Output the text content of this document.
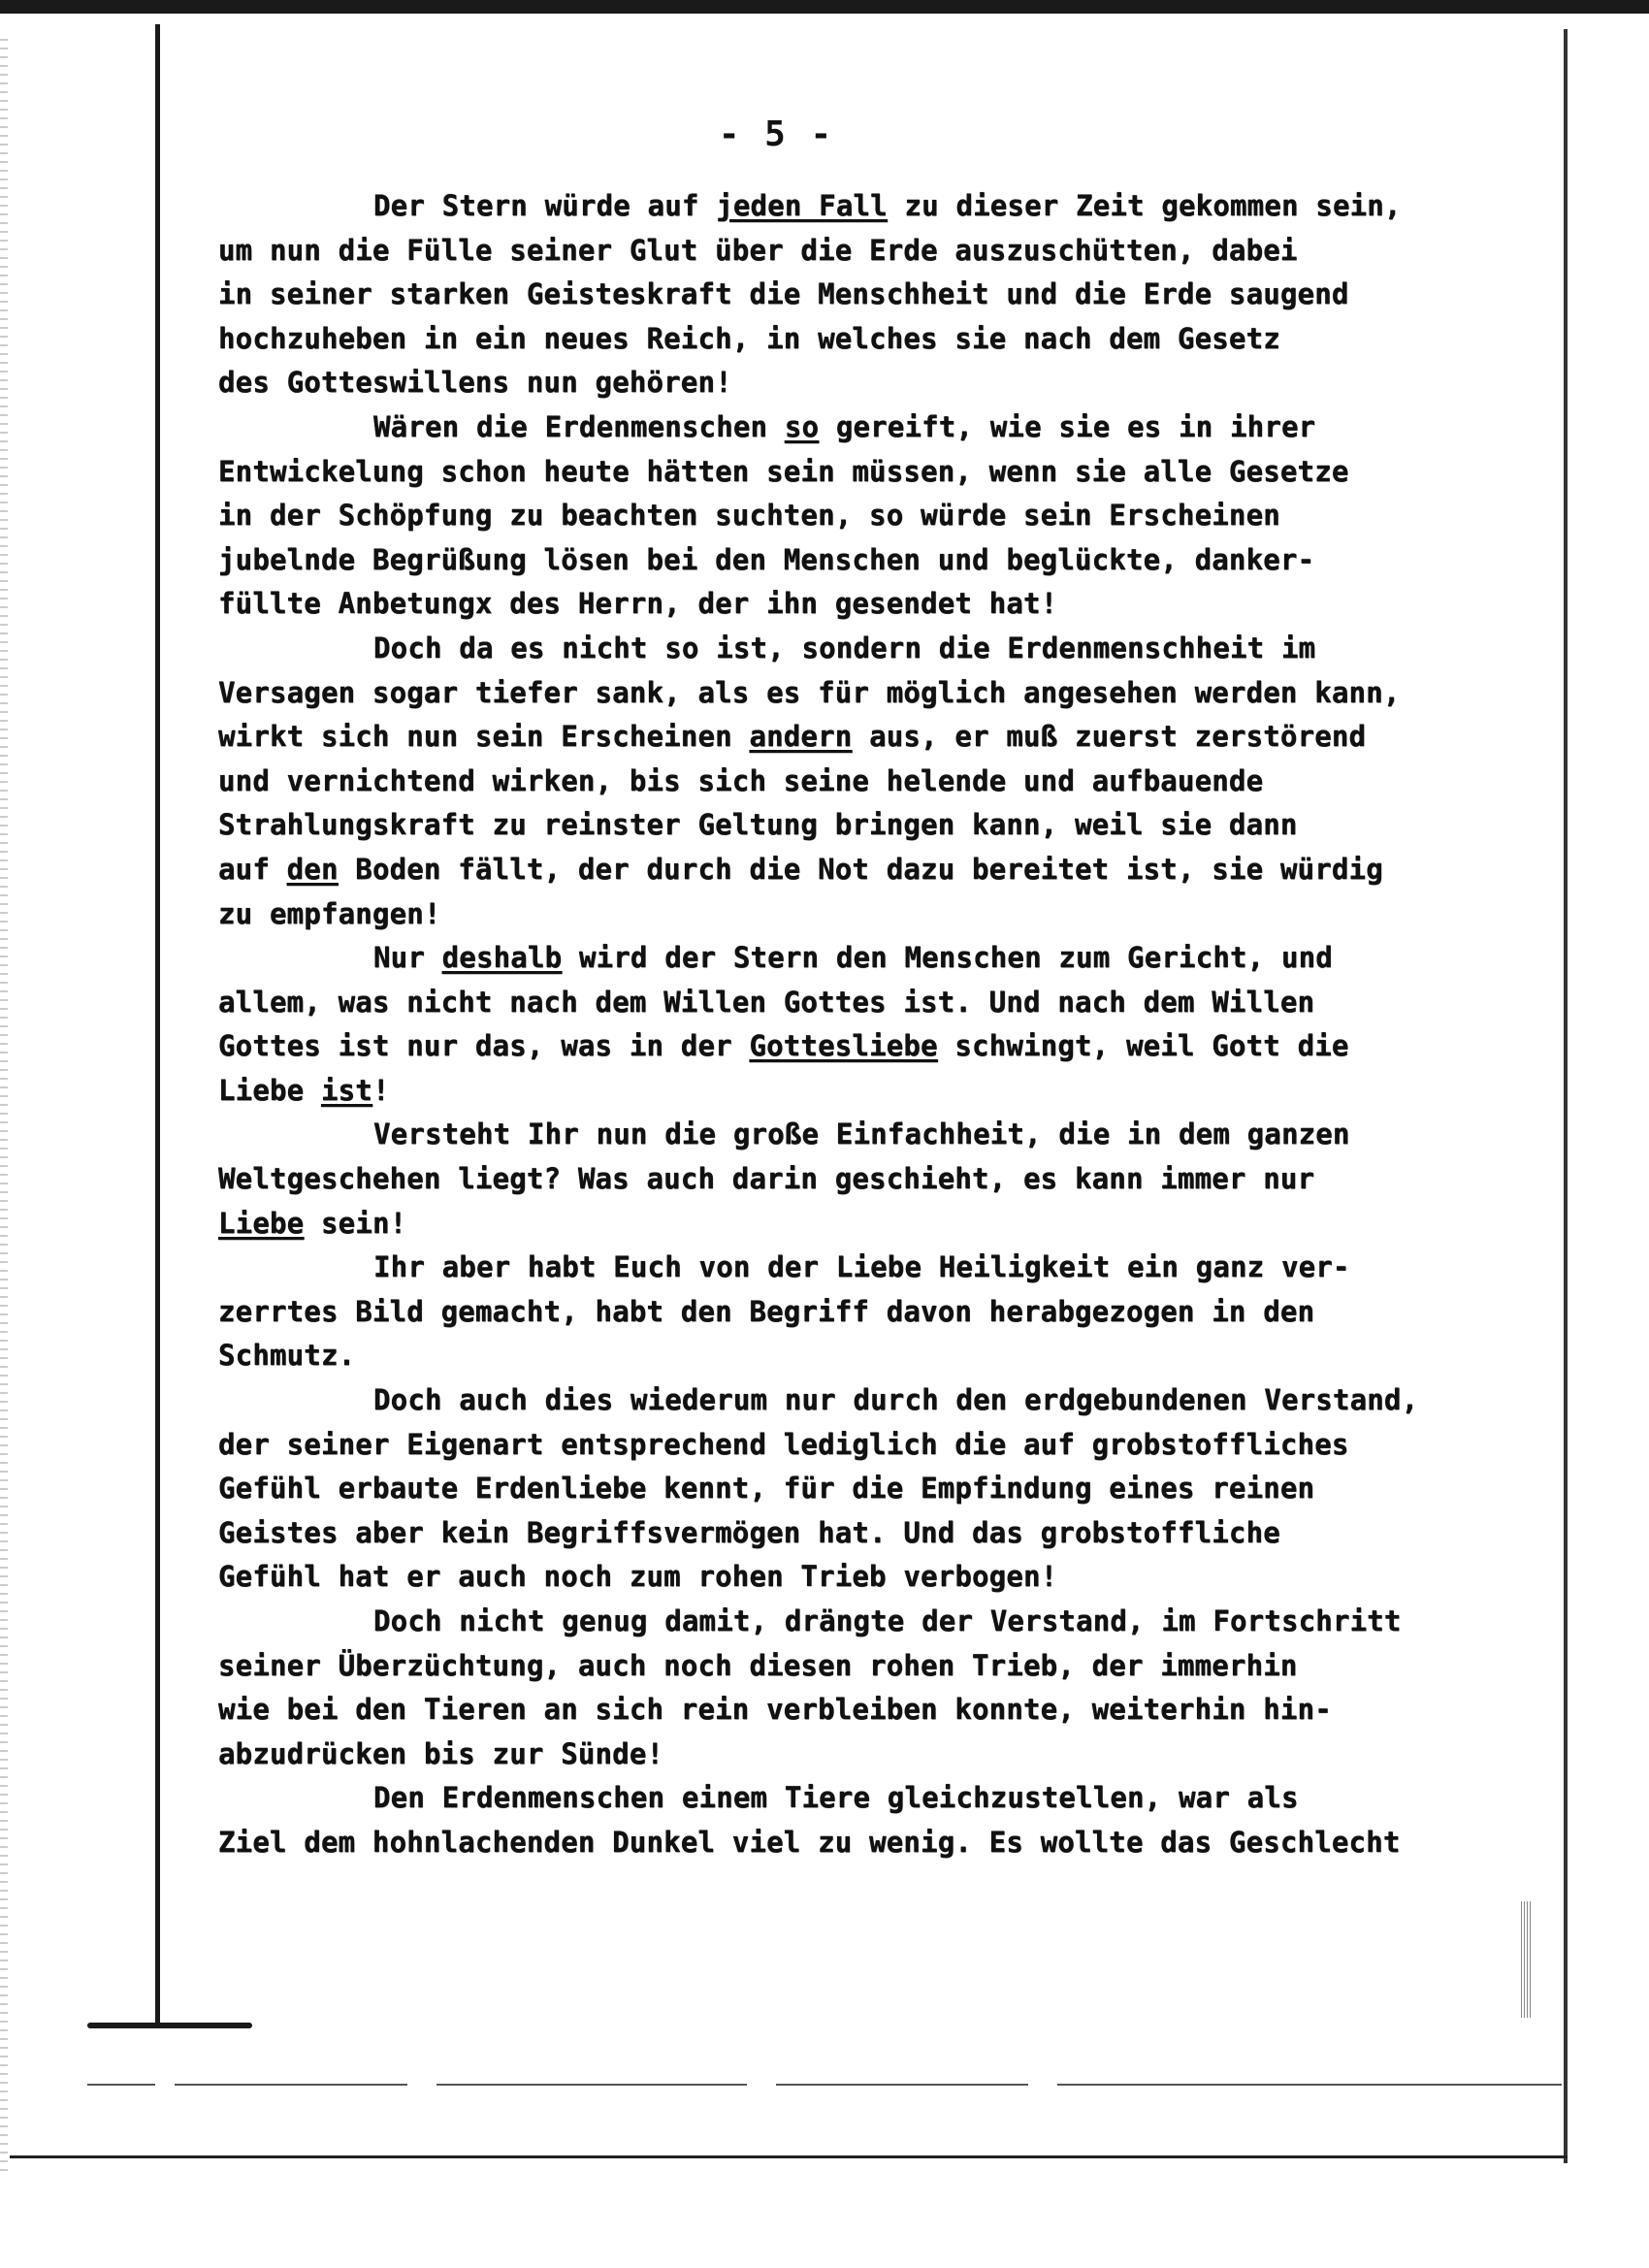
- 5 -
Der Stern würde auf jeden Fall zu dieser Zeit gekommen sein,
um nun die Fülle seiner Glut über die Erde auszuschütten, dabei
in seiner starken Geisteskraft die Menschheit und die Erde saugend
hochzuheben in ein neues Reich, in welches sie nach dem Gesetz
des Gotteswillens nun gehören!
Wären die Erdenmenschen so gereift, wie sie es in ihrer
Entwickelung schon heute hätten sein müssen, wenn sie alle Gesetze
in der Schöpfung zu beachten suchten, so würde sein Erscheinen
jubelnde Begrüßung lösen bei den Menschen und beglückte, danker-
füllte Anbetungx des Herrn, der ihn gesendet hat!
Doch da es nicht so ist, sondern die Erdenmenschheit im
Versagen sogar tiefer sank, als es für möglich angesehen werden kann,
wirkt sich nun sein Erscheinen andern aus, er muß zuerst zerstörend
und vernichtend wirken, bis sich seine helende und aufbauende
Strahlungskraft zu reinster Geltung bringen kann, weil sie dann
auf den Boden fällt, der durch die Not dazu bereitet ist, sie würdig
zu empfangen!
Nur deshalb wird der Stern den Menschen zum Gericht, und
allem, was nicht nach dem Willen Gottes ist. Und nach dem Willen
Gottes ist nur das, was in der Gottesliebe schwingt, weil Gott die
Liebe ist!
Versteht Ihr nun die große Einfachheit, die in dem ganzen
Weltgeschehen liegt? Was auch darin geschieht, es kann immer nur
Liebe sein!
Ihr aber habt Euch von der Liebe Heiligkeit ein ganz ver-
zerrtes Bild gemacht, habt den Begriff davon herabgezogen in den
Schmutz.
Doch auch dies wiederum nur durch den erdgebundenen Verstand,
der seiner Eigenart entsprechend lediglich die auf grobstoffliches
Gefühl erbaute Erdenliebe kennt, für die Empfindung eines reinen
Geistes aber kein Begriffsvermögen hat. Und das grobstoffliche
Gefühl hat er auch noch zum rohen Trieb verbogen!
Doch nicht genug damit, drängte der Verstand, im Fortschritt
seiner Überzüchtung, auch noch diesen rohen Trieb, der immerhin
wie bei den Tieren an sich rein verbleiben konnte, weiterhin hin-
abzudrücken bis zur Sünde!
Den Erdenmenschen einem Tiere gleichzustellen, war als
Ziel dem hohnlachenden Dunkel viel zu wenig. Es wollte das Geschlecht
